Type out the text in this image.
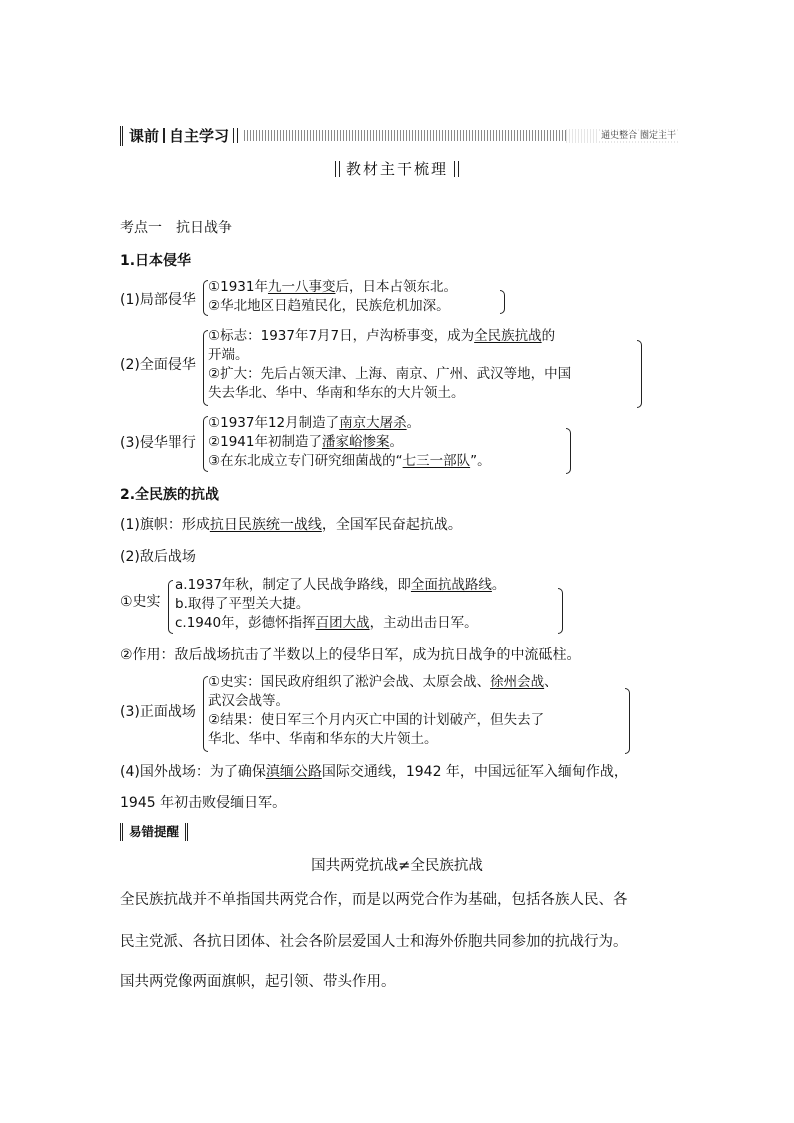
课前 自主学习	通史整合 圈定主干
教材主干梳理
考点一　抗日战争
1.日本侵华
(1)局部侵华
①1931年九一八事变后，日本占领东北。
②华北地区日趋殖民化，民族危机加深。
(2)全面侵华
①标志：1937年7月7日，卢沟桥事变，成为全民族抗战的
开端。
②扩大：先后占领天津、上海、南京、广州、武汉等地，中国
失去华北、华中、华南和华东的大片领土。
(3)侵华罪行
①1937年12月制造了南京大屠杀。
②1941年初制造了潘家峪惨案。
③在东北成立专门研究细菌战的“七三一部队”。
2.全民族的抗战
(1)旗帜：形成抗日民族统一战线，全国军民奋起抗战。
(2)敌后战场
①史实
a.1937年秋，制定了人民战争路线，即全面抗战路线。
b.取得了平型关大捷。
c.1940年，彭德怀指挥百团大战，主动出击日军。
②作用：敌后战场抗击了半数以上的侵华日军，成为抗日战争的中流砥柱。
(3)正面战场
①史实：国民政府组织了淞沪会战、太原会战、徐州会战、
武汉会战等。
②结果：使日军三个月内灭亡中国的计划破产，但失去了
华北、华中、华南和华东的大片领土。
(4)国外战场：为了确保滇缅公路国际交通线，1942 年，中国远征军入缅甸作战，
1945 年初击败侵缅日军。
易错提醒
国共两党抗战≠全民族抗战
全民族抗战并不单指国共两党合作，而是以两党合作为基础，包括各族人民、各
民主党派、各抗日团体、社会各阶层爱国人士和海外侨胞共同参加的抗战行为。
国共两党像两面旗帜，起引领、带头作用。
